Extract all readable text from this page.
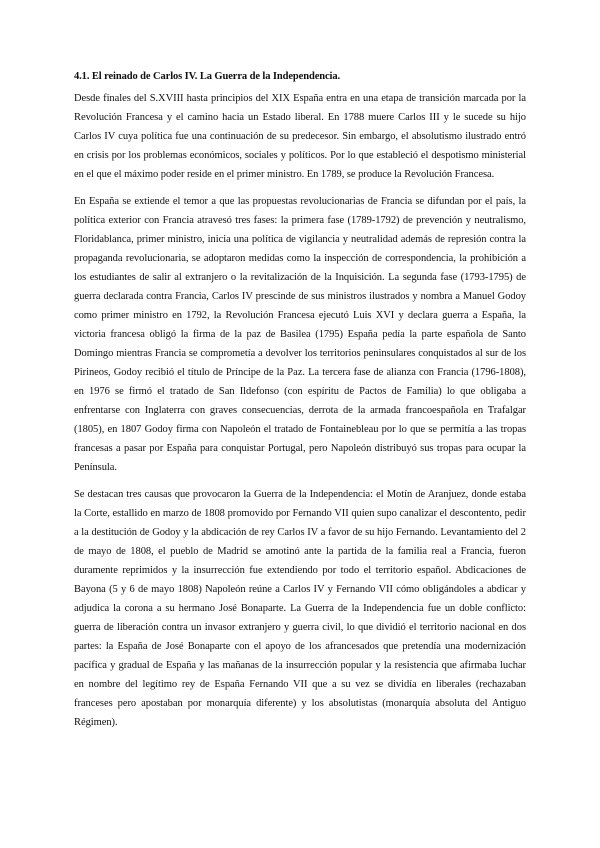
4.1. El reinado de Carlos IV. La Guerra de la Independencia.

Desde finales del S.XVIII hasta principios del XIX España entra en una etapa de transición marcada por la Revolución Francesa y el camino hacia un Estado liberal. En 1788 muere Carlos III y le sucede su hijo Carlos IV cuya política fue una continuación de su predecesor. Sin embargo, el absolutismo ilustrado entró en crisis por los problemas económicos, sociales y políticos. Por lo que estableció el despotismo ministerial en el que el máximo poder reside en el primer ministro. En 1789, se produce la Revolución Francesa.

En España se extiende el temor a que las propuestas revolucionarias de Francia se difundan por el país, la política exterior con Francia atravesó tres fases: la primera fase (1789-1792) de prevención y neutralismo, Floridablanca, primer ministro, inicia una política de vigilancia y neutralidad además de represión contra la propaganda revolucionaria, se adoptaron medidas como la inspección de correspondencia, la prohibición a los estudiantes de salir al extranjero o la revitalización de la Inquisición. La segunda fase (1793-1795) de guerra declarada contra Francia, Carlos IV prescinde de sus ministros ilustrados y nombra a Manuel Godoy como primer ministro en 1792, la Revolución Francesa ejecutó Luis XVI y declara guerra a España, la victoria francesa obligó la firma de la paz de Basilea (1795) España pedía la parte española de Santo Domingo mientras Francia se comprometía a devolver los territorios peninsulares conquistados al sur de los Pirineos, Godoy recibió el título de Príncipe de la Paz. La tercera fase de alianza con Francia (1796-1808), en 1976 se firmó el tratado de San Ildefonso (con espíritu de Pactos de Familia) lo que obligaba a enfrentarse con Inglaterra con graves consecuencias, derrota de la armada francoespañola en Trafalgar (1805), en 1807 Godoy firma con Napoleón el tratado de Fontainebleau por lo que se permitía a las tropas francesas a pasar por España para conquistar Portugal, pero Napoleón distribuyó sus tropas para ocupar la Península.

Se destacan tres causas que provocaron la Guerra de la Independencia: el Motín de Aranjuez, donde estaba la Corte, estallido en marzo de 1808 promovido por Fernando VII quien supo canalizar el descontento, pedir a la destitución de Godoy y la abdicación de rey Carlos IV a favor de su hijo Fernando. Levantamiento del 2 de mayo de 1808, el pueblo de Madrid se amotinó ante la partida de la familia real a Francia, fueron duramente reprimidos y la insurrección fue extendiendo por todo el territorio español. Abdicaciones de Bayona (5 y 6 de mayo 1808) Napoleón reúne a Carlos IV y Fernando VII cómo obligándoles a abdicar y adjudica la corona a su hermano José Bonaparte. La Guerra de la Independencia fue un doble conflicto: guerra de liberación contra un invasor extranjero y guerra civil, lo que dividió el territorio nacional en dos partes: la España de José Bonaparte con el apoyo de los afrancesados que pretendía una modernización pacífica y gradual de España y las mañanas de la insurrección popular y la resistencia que afirmaba luchar en nombre del legítimo rey de España Fernando VII que a su vez se dividía en liberales (rechazaban franceses pero apostaban por monarquía diferente) y los absolutistas (monarquía absoluta del Antiguo Régimen).
